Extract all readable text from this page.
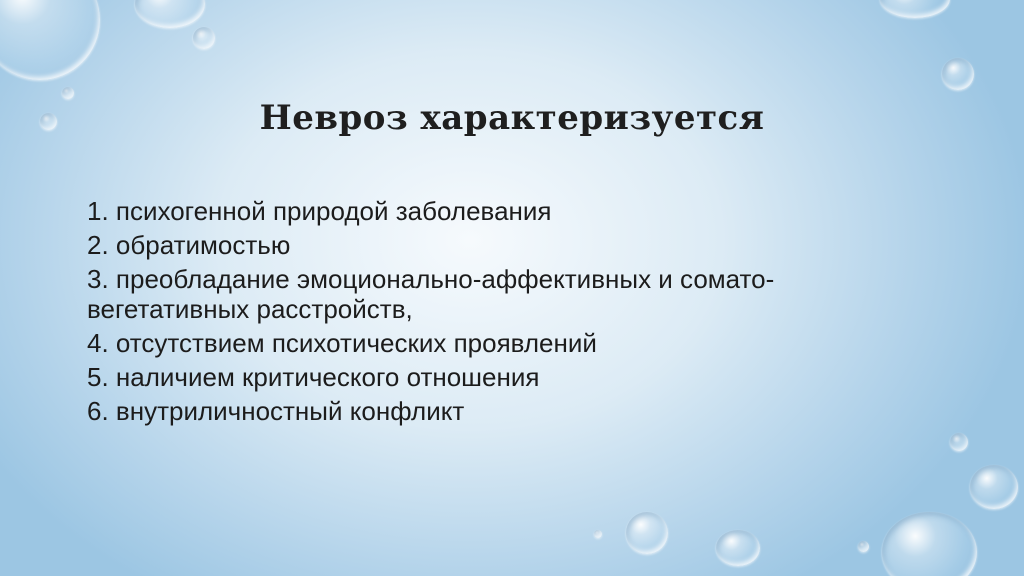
Невроз характеризуется
1. психогенной природой заболевания
2. обратимостью
3. преобладание эмоционально-аффективных и сомато-вегетативных расстройств,
4. отсутствием психотических проявлений
5. наличием критического отношения
6. внутриличностный конфликт
